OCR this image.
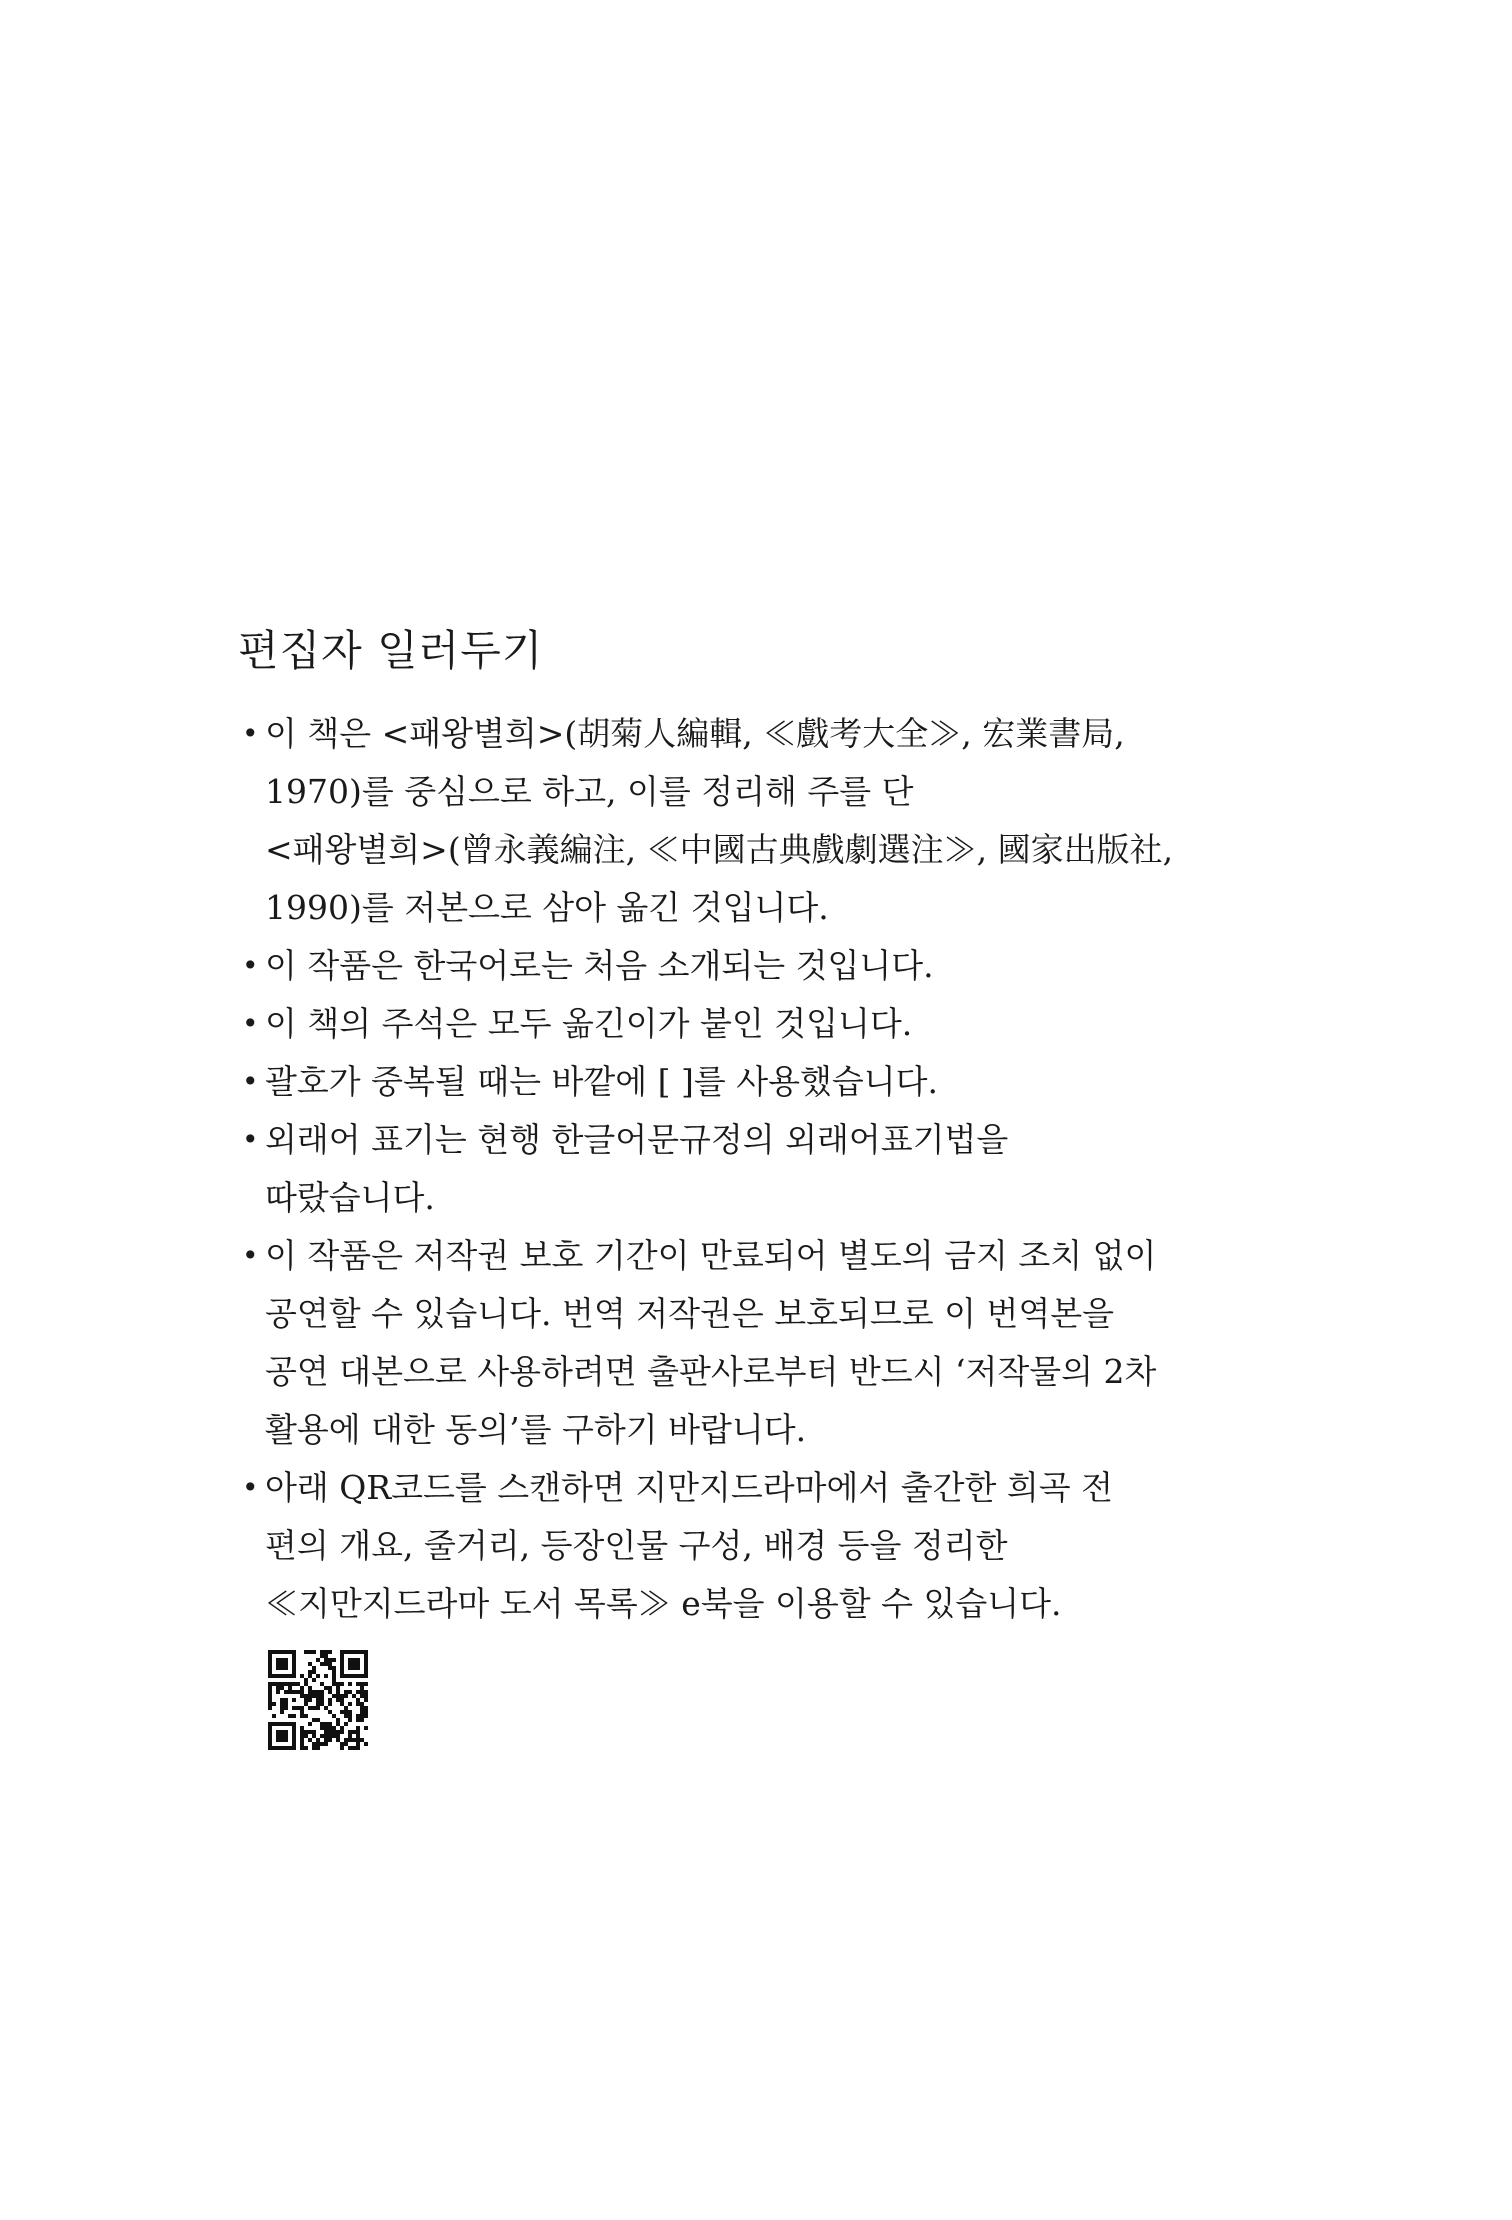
편집자 일러두기
• 이 책은 <패왕별희>(胡菊人編輯, ≪戲考大全≫, 宏業書局,
1970)를 중심으로 하고, 이를 정리해 주를 단
<패왕별희>(曾永義編注, ≪中國古典戲劇選注≫, 國家出版社,
1990)를 저본으로 삼아 옮긴 것입니다.
• 이 작품은 한국어로는 처음 소개되는 것입니다.
• 이 책의 주석은 모두 옮긴이가 붙인 것입니다.
• 괄호가 중복될 때는 바깥에 [ ]를 사용했습니다.
• 외래어 표기는 현행 한글어문규정의 외래어표기법을
따랐습니다.
• 이 작품은 저작권 보호 기간이 만료되어 별도의 금지 조치 없이
공연할 수 있습니다. 번역 저작권은 보호되므로 이 번역본을
공연 대본으로 사용하려면 출판사로부터 반드시 ‘저작물의 2차
활용에 대한 동의’를 구하기 바랍니다.
• 아래 QR코드를 스캔하면 지만지드라마에서 출간한 희곡 전
편의 개요, 줄거리, 등장인물 구성, 배경 등을 정리한
≪지만지드라마 도서 목록≫ e북을 이용할 수 있습니다.
